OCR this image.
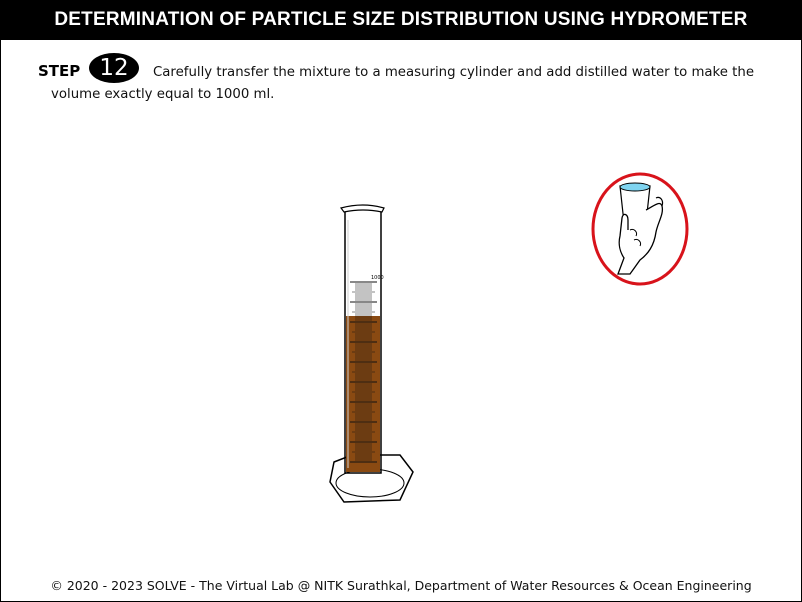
DETERMINATION OF PARTICLE SIZE DISTRIBUTION USING HYDROMETER
Carefully transfer the mixture to a measuring cylinder and add distilled water to make the volume exactly equal to 1000 ml.
STEP 12
1000
© 2020 - 2023 SOLVE - The Virtual Lab @ NITK Surathkal, Department of Water Resources & Ocean Engineering
